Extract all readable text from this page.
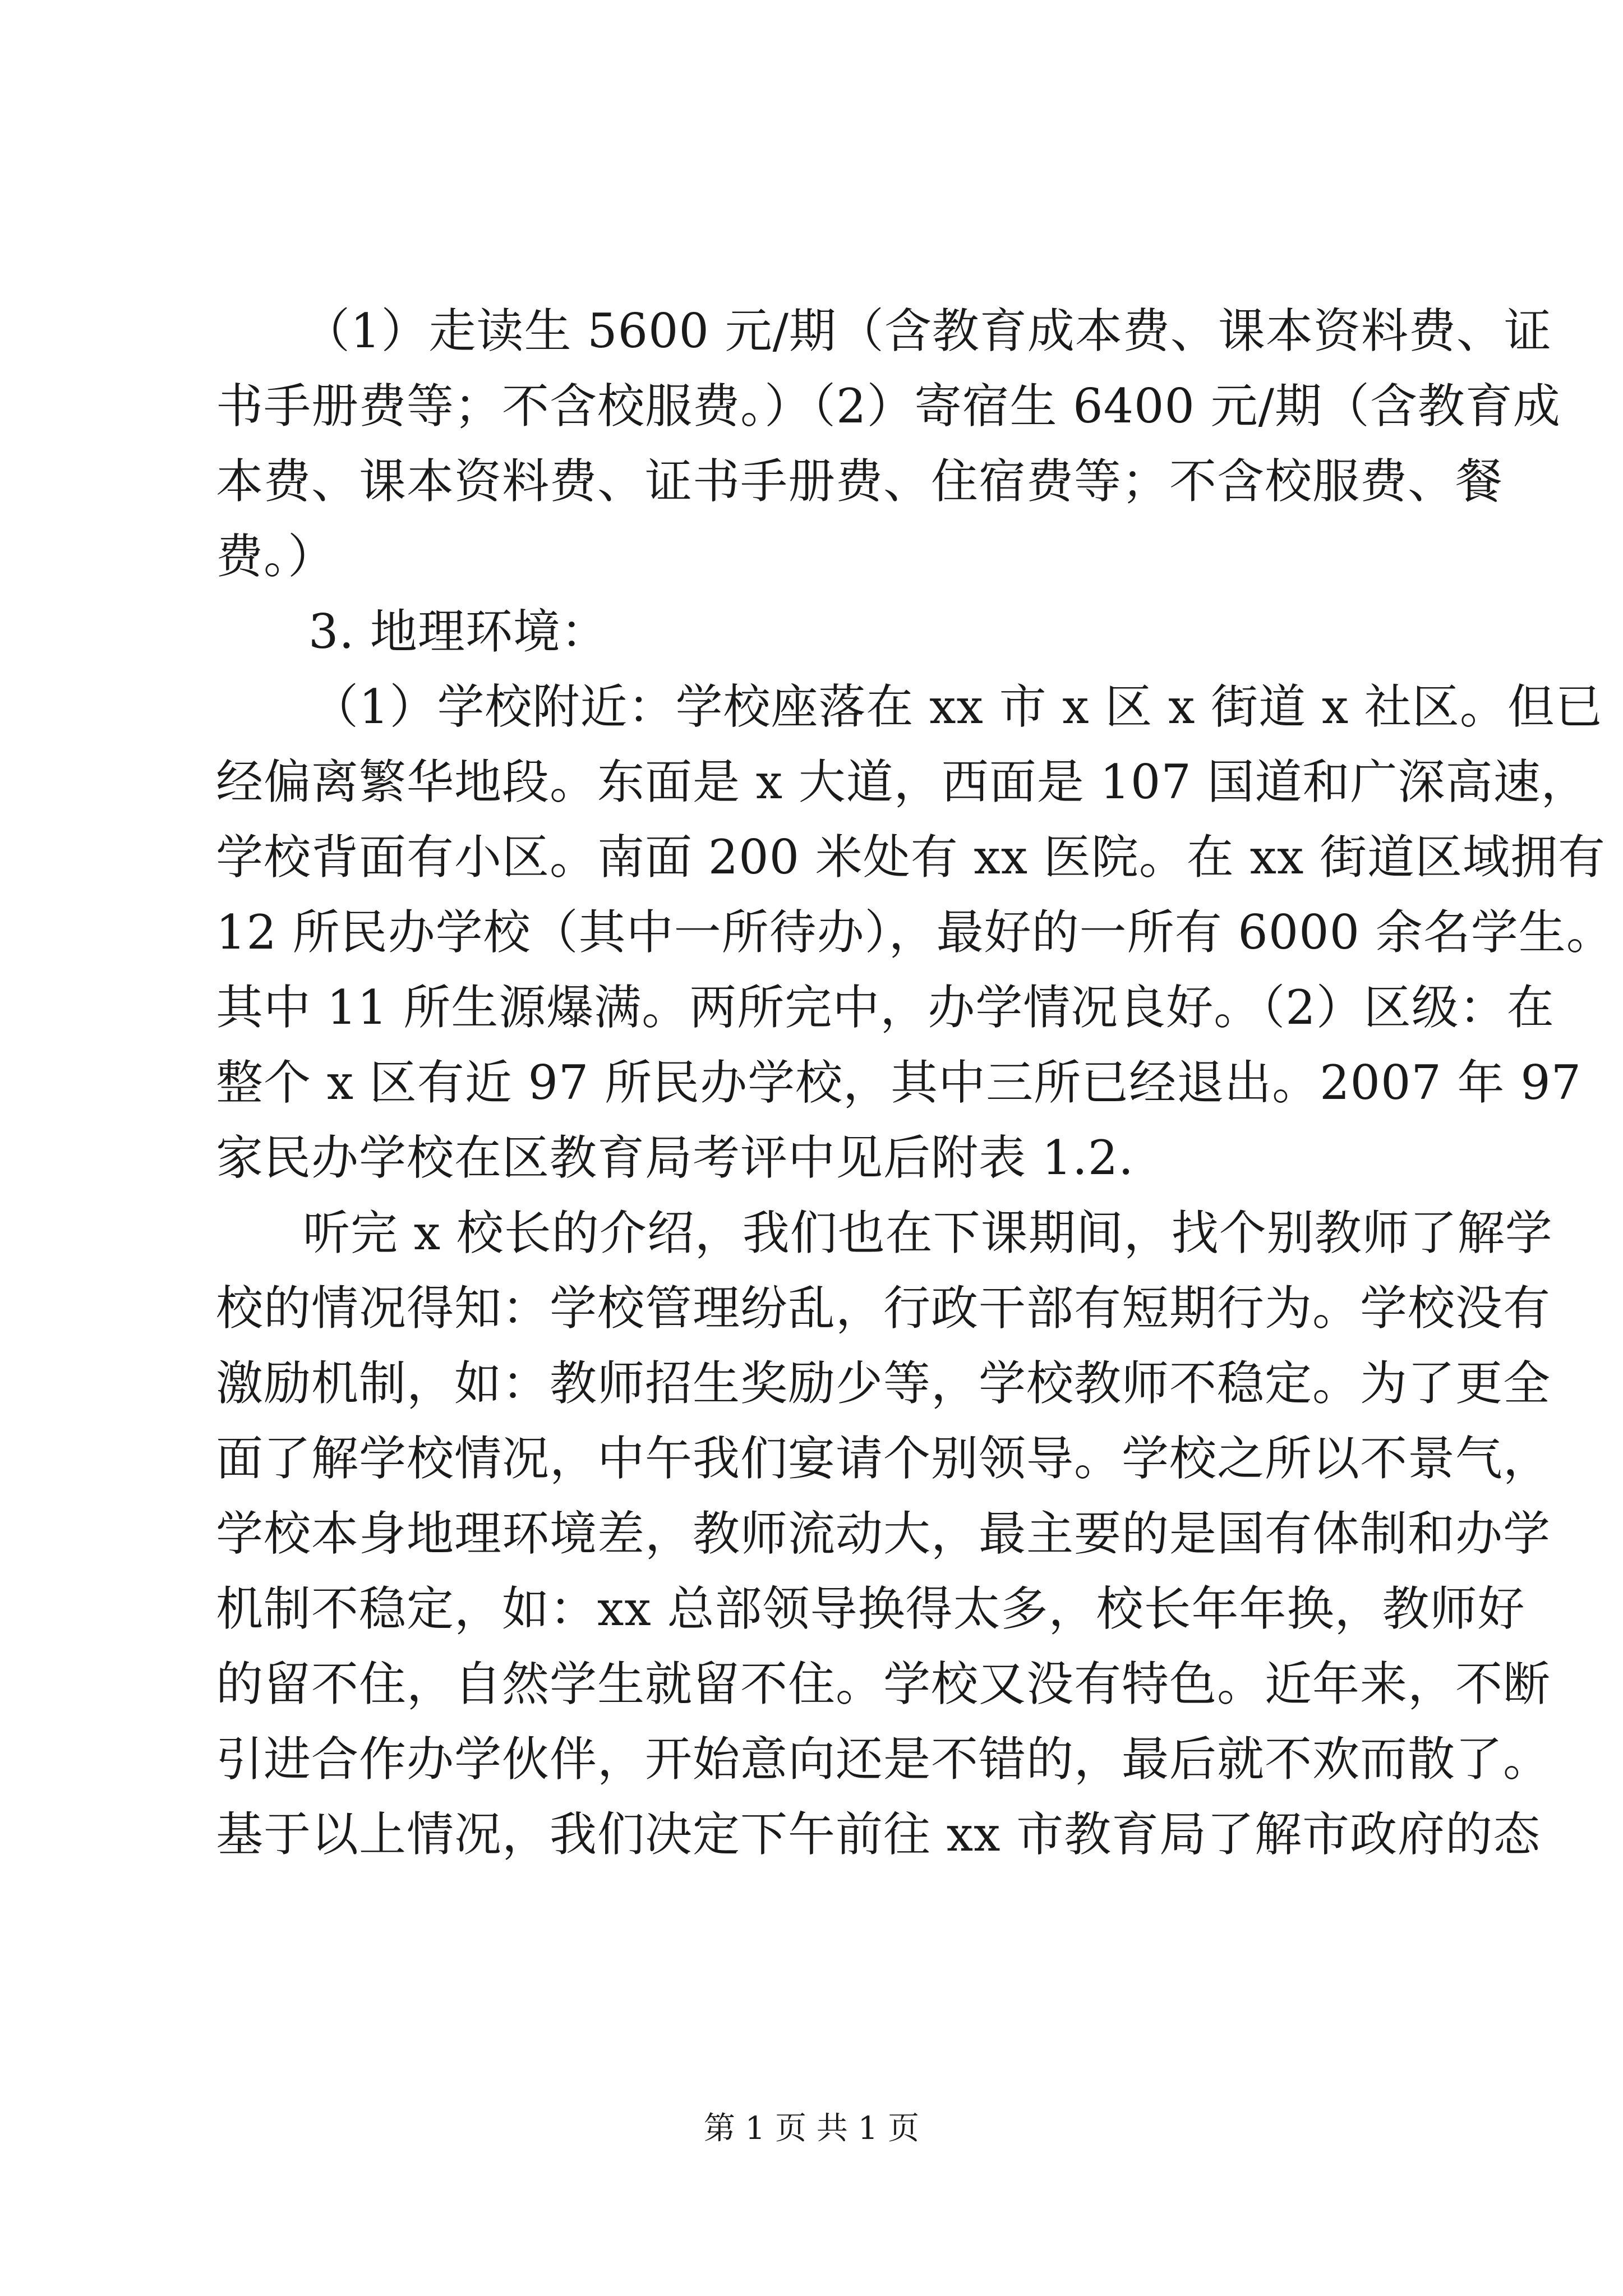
（1）走读生 5600 元/期（含教育成本费、课本资料费、证
书手册费等；不含校服费。）（2）寄宿生 6400 元/期（含教育成
本费、课本资料费、证书手册费、住宿费等；不含校服费、餐
费。）
3. 地理环境：
（1）学校附近：学校座落在 xx 市 x 区 x 街道 x 社区。但已
经偏离繁华地段。东面是 x 大道，西面是 107 国道和广深高速，
学校背面有小区。南面 200 米处有 xx 医院。在 xx 街道区域拥有
12 所民办学校（其中一所待办），最好的一所有 6000 余名学生。
其中 11 所生源爆满。两所完中，办学情况良好。（2）区级：在
整个 x 区有近 97 所民办学校，其中三所已经退出。2007 年 97
家民办学校在区教育局考评中见后附表 1.2.
听完 x 校长的介绍，我们也在下课期间，找个别教师了解学
校的情况得知：学校管理纷乱，行政干部有短期行为。学校没有
激励机制，如：教师招生奖励少等，学校教师不稳定。为了更全
面了解学校情况，中午我们宴请个别领导。学校之所以不景气，
学校本身地理环境差，教师流动大，最主要的是国有体制和办学
机制不稳定，如：xx 总部领导换得太多，校长年年换，教师好
的留不住，自然学生就留不住。学校又没有特色。近年来，不断
引进合作办学伙伴，开始意向还是不错的，最后就不欢而散了。
基于以上情况，我们决定下午前往 xx 市教育局了解市政府的态
第 1 页 共 1 页
